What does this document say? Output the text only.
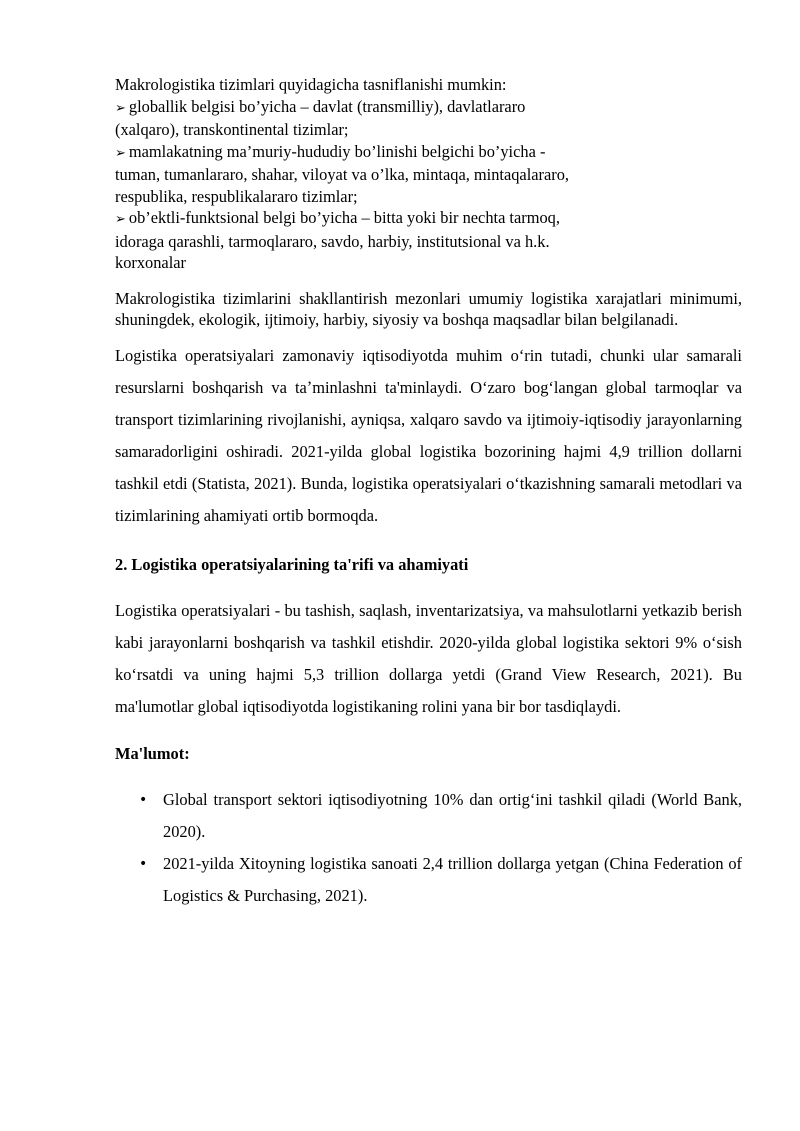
Makrologistika tizimlari quyidagicha tasniflanishi mumkin:
➢ globallik belgisi bo’yicha – davlat (transmilliy), davlatlararo
(xalqaro), transkontinental tizimlar;
➢ mamlakatning ma’muriy-hududiy bo’linishi belgichi bo’yicha -
tuman, tumanlararo, shahar, viloyat va o’lka, mintaqa, mintaqalararo,
respublika, respublikalararo tizimlar;
➢ ob’ektli-funktsional belgi bo’yicha – bitta yoki bir nechta tarmoq,
idoraga qarashli, tarmoqlararo, savdo, harbiy, institutsional va h.k.
korxonalar

Makrologistika tizimlarini shakllantirish mezonlari umumiy logistika xarajatlari minimumi, shuningdek, ekologik, ijtimoiy, harbiy, siyosiy va boshqa maqsadlar bilan belgilanadi.

Logistika operatsiyalari zamonaviy iqtisodiyotda muhim oʻrin tutadi, chunki ular samarali resurslarni boshqarish va taʼminlashni ta'minlaydi. Oʻzaro bogʻlangan global tarmoqlar va transport tizimlarining rivojlanishi, ayniqsa, xalqaro savdo va ijtimoiy-iqtisodiy jarayonlarning samaradorligini oshiradi. 2021-yilda global logistika bozorining hajmi 4,9 trillion dollarni tashkil etdi (Statista, 2021). Bunda, logistika operatsiyalari oʻtkazishning samarali metodlari va tizimlarining ahamiyati ortib bormoqda.

2. Logistika operatsiyalarining ta'rifi va ahamiyati

Logistika operatsiyalari - bu tashish, saqlash, inventarizatsiya, va mahsulotlarni yetkazib berish kabi jarayonlarni boshqarish va tashkil etishdir. 2020-yilda global logistika sektori 9% oʻsish koʻrsatdi va uning hajmi 5,3 trillion dollarga yetdi (Grand View Research, 2021). Bu ma'lumotlar global iqtisodiyotda logistikaning rolini yana bir bor tasdiqlaydi.

Ma'lumot:

• Global transport sektori iqtisodiyotning 10% dan ortigʻini tashkil qiladi (World Bank, 2020).
• 2021-yilda Xitoyning logistika sanoati 2,4 trillion dollarga yetgan (China Federation of Logistics & Purchasing, 2021).
